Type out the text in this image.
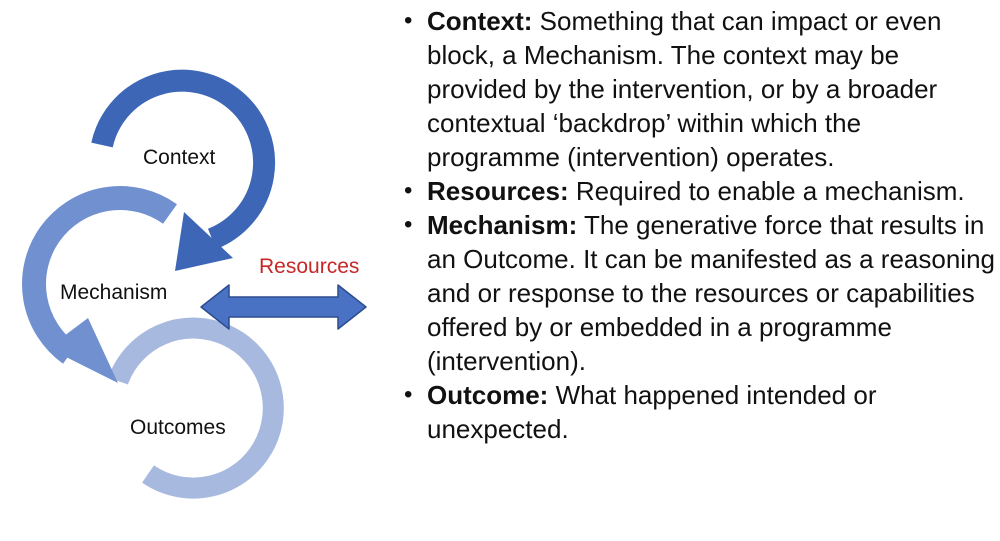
Context
Mechanism
Outcomes
Resources
• Context: Something that can impact or even block, a Mechanism. The context may be provided by the intervention, or by a broader contextual ‘backdrop’ within which the programme (intervention) operates.
• Resources: Required to enable a mechanism.
• Mechanism: The generative force that results in an Outcome. It can be manifested as a reasoning and or response to the resources or capabilities offered by or embedded in a programme (intervention).
• Outcome: What happened intended or unexpected.
